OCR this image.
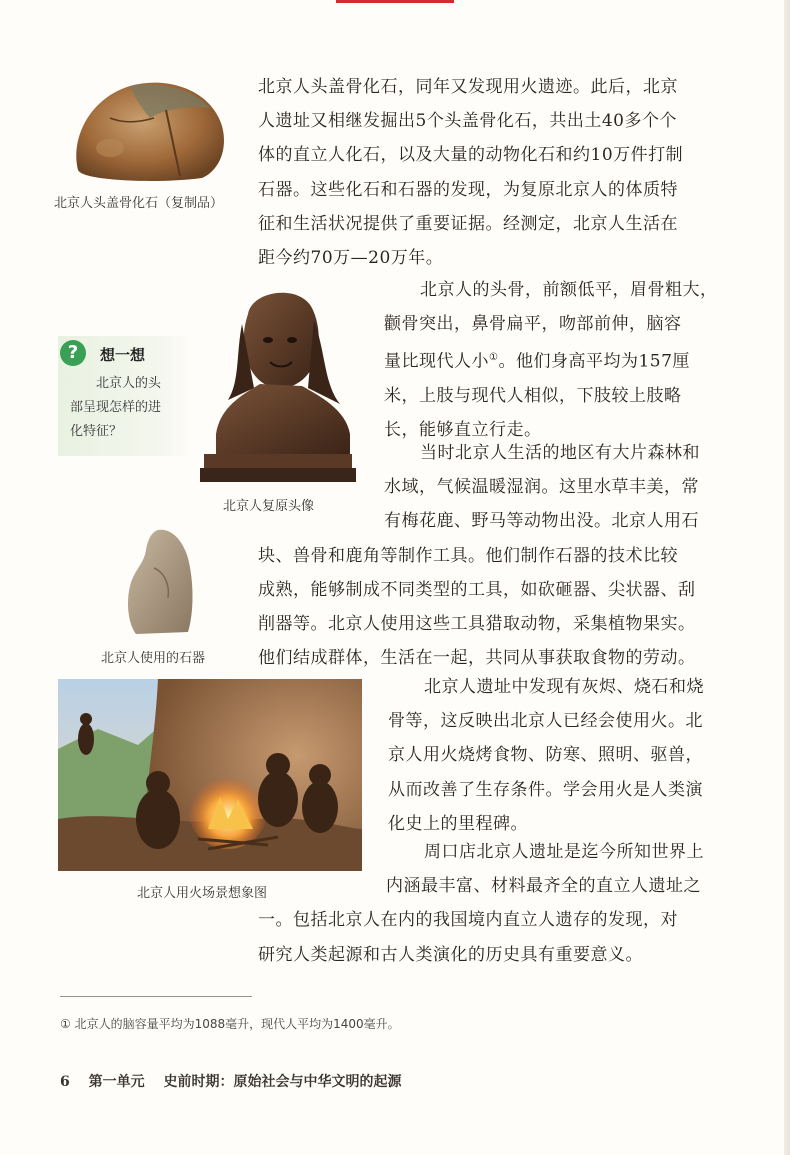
北京人头盖骨化石（复制品）
北京人头盖骨化石，同年又发现用火遗迹。此后，北京
人遗址又相继发掘出5个头盖骨化石，共出土40多个个
体的直立人化石，以及大量的动物化石和约10万件打制
石器。这些化石和石器的发现，为复原北京人的体质特
征和生活状况提供了重要证据。经测定，北京人生活在
距今约70万—20万年。
?	想一想
北京人的头
部呈现怎样的进
化特征？
北京人复原头像
北京人的头骨，前额低平，眉骨粗大，
颧骨突出，鼻骨扁平，吻部前伸，脑容
量比现代人小①。他们身高平均为157厘
米，上肢与现代人相似，下肢较上肢略
长，能够直立行走。
北京人使用的石器
当时北京人生活的地区有大片森林和
水域，气候温暖湿润。这里水草丰美，常
有梅花鹿、野马等动物出没。北京人用石
块、兽骨和鹿角等制作工具。他们制作石器的技术比较
成熟，能够制成不同类型的工具，如砍砸器、尖状器、刮
削器等。北京人使用这些工具猎取动物，采集植物果实。
他们结成群体，生活在一起，共同从事获取食物的劳动。
北京人用火场景想象图
北京人遗址中发现有灰烬、烧石和烧
骨等，这反映出北京人已经会使用火。北
京人用火烧烤食物、防寒、照明、驱兽，
从而改善了生存条件。学会用火是人类演
化史上的里程碑。
周口店北京人遗址是迄今所知世界上
内涵最丰富、材料最齐全的直立人遗址之
一。包括北京人在内的我国境内直立人遗存的发现，对
研究人类起源和古人类演化的历史具有重要意义。
① 北京人的脑容量平均为1088毫升，现代人平均为1400毫升。
6 第一单元 史前时期：原始社会与中华文明的起源
